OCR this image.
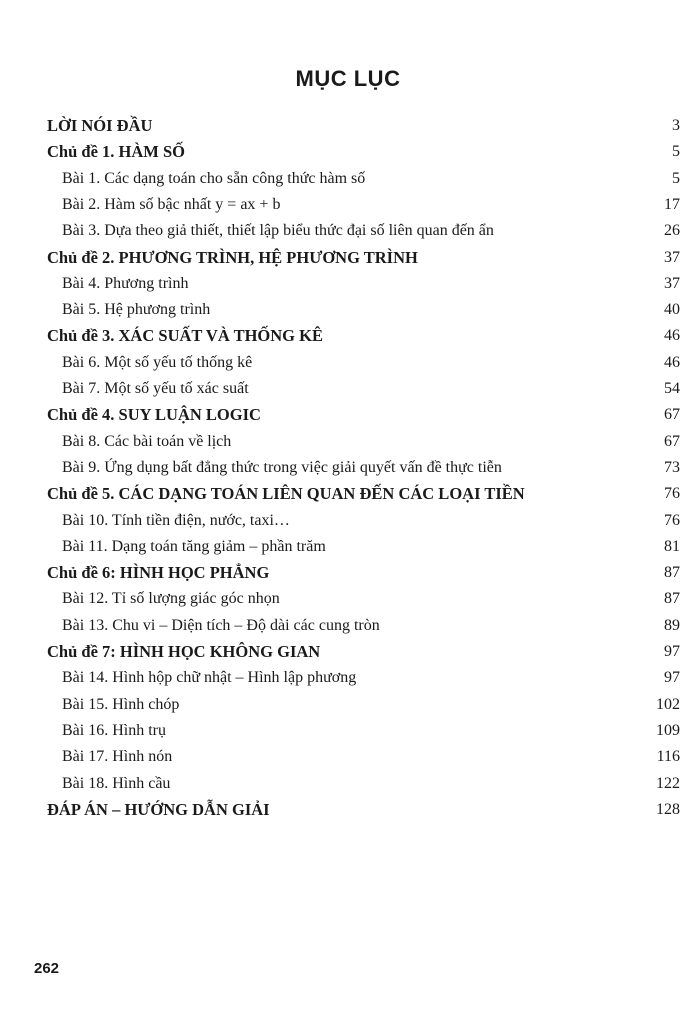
MỤC LỤC
LỜI NÓI ĐẦU	3
Chủ đề 1. HÀM SỐ	5
Bài 1. Các dạng toán cho sẵn công thức hàm số	5
Bài 2. Hàm số bậc nhất y = ax + b	17
Bài 3. Dựa theo giả thiết, thiết lập biểu thức đại số liên quan đến ẩn	26
Chủ đề 2. PHƯƠNG TRÌNH, HỆ PHƯƠNG TRÌNH	37
Bài 4. Phương trình	37
Bài 5. Hệ phương trình	40
Chủ đề 3. XÁC SUẤT VÀ THỐNG KÊ	46
Bài 6. Một số yếu tố thống kê	46
Bài 7. Một số yếu tố xác suất	54
Chủ đề 4. SUY LUẬN LOGIC	67
Bài 8. Các bài toán về lịch	67
Bài 9. Ứng dụng bất đẳng thức trong việc giải quyết vấn đề thực tiễn	73
Chủ đề 5. CÁC DẠNG TOÁN LIÊN QUAN ĐẾN CÁC LOẠI TIỀN	76
Bài 10. Tính tiền điện, nước, taxi…	76
Bài 11. Dạng toán tăng giảm – phần trăm	81
Chủ đề 6: HÌNH HỌC PHẲNG	87
Bài 12. Tỉ số lượng giác góc nhọn	87
Bài 13. Chu vi – Diện tích – Độ dài các cung tròn	89
Chủ đề 7: HÌNH HỌC KHÔNG GIAN	97
Bài 14. Hình hộp chữ nhật – Hình lập phương	97
Bài 15. Hình chóp	102
Bài 16. Hình trụ	109
Bài 17. Hình nón	116
Bài 18. Hình cầu	122
ĐÁP ÁN – HƯỚNG DẪN GIẢI	128
262
